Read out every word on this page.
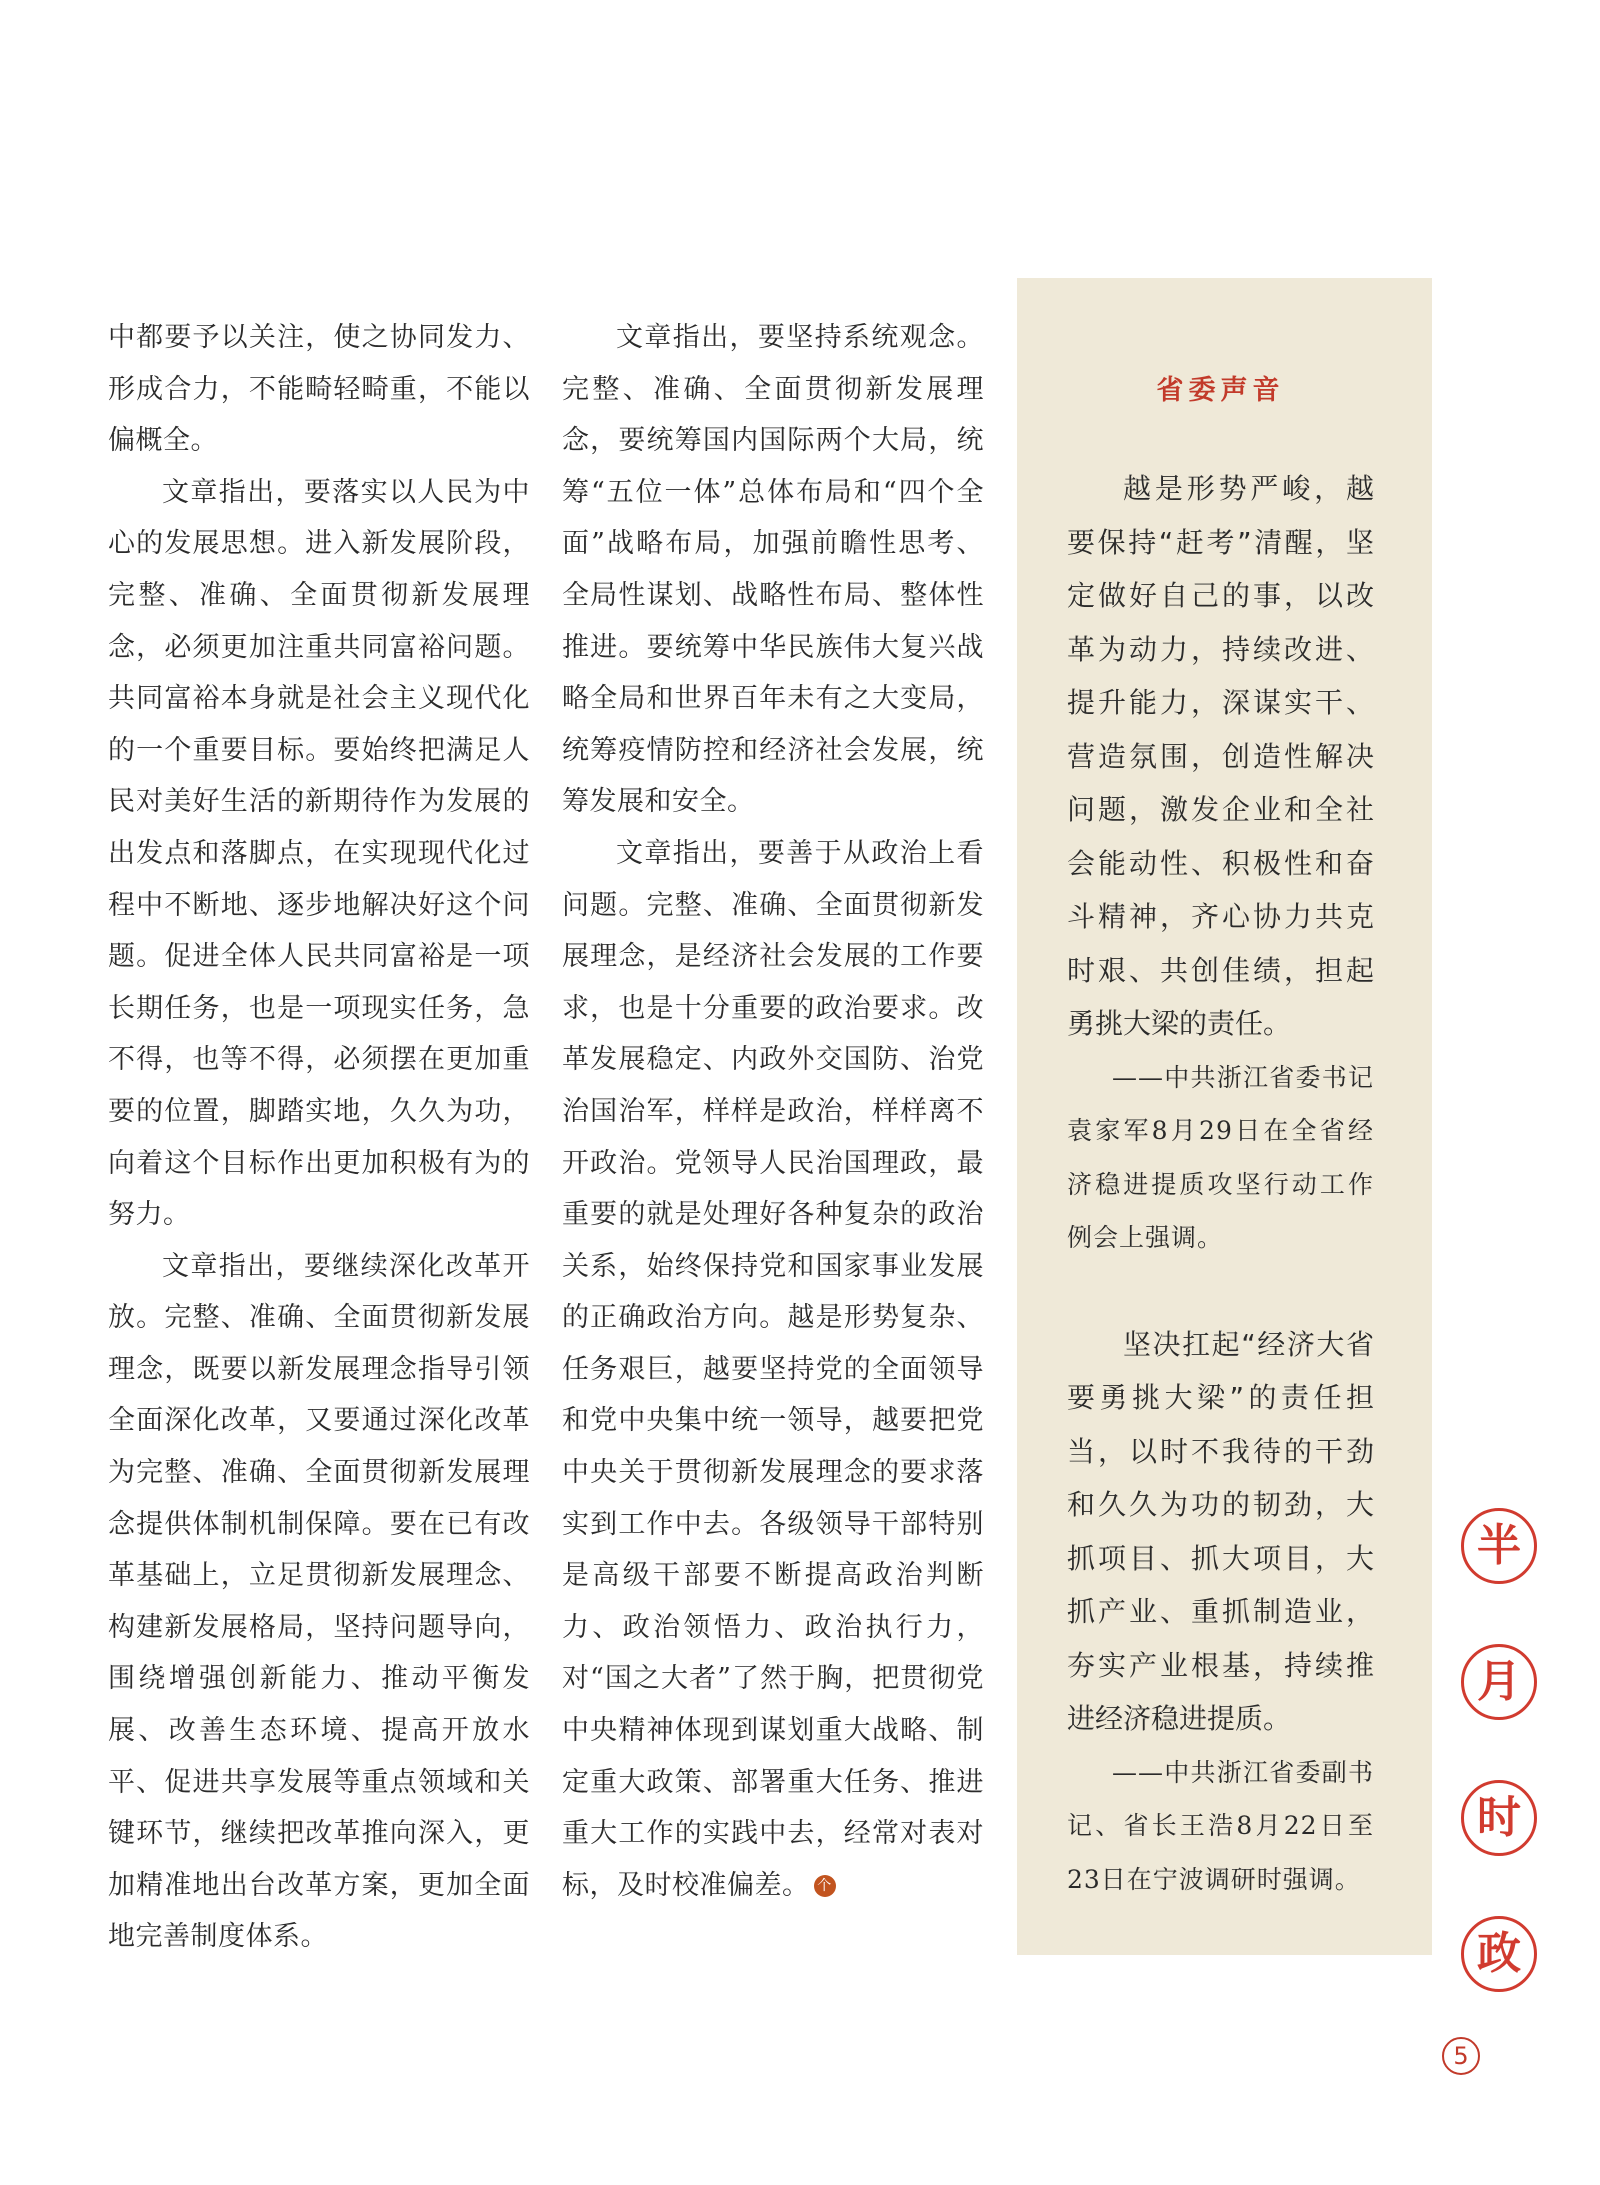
中都要予以关注，使之协同发力、形成合力，不能畸轻畸重，不能以偏概全。

文章指出，要落实以人民为中心的发展思想。进入新发展阶段，完整、准确、全面贯彻新发展理念，必须更加注重共同富裕问题。共同富裕本身就是社会主义现代化的一个重要目标。要始终把满足人民对美好生活的新期待作为发展的出发点和落脚点，在实现现代化过程中不断地、逐步地解决好这个问题。促进全体人民共同富裕是一项长期任务，也是一项现实任务，急不得，也等不得，必须摆在更加重要的位置，脚踏实地，久久为功，向着这个目标作出更加积极有为的努力。

文章指出，要继续深化改革开放。完整、准确、全面贯彻新发展理念，既要以新发展理念指导引领全面深化改革，又要通过深化改革为完整、准确、全面贯彻新发展理念提供体制机制保障。要在已有改革基础上，立足贯彻新发展理念、构建新发展格局，坚持问题导向，围绕增强创新能力、推动平衡发展、改善生态环境、提高开放水平、促进共享发展等重点领域和关键环节，继续把改革推向深入，更加精准地出台改革方案，更加全面地完善制度体系。

文章指出，要坚持系统观念。完整、准确、全面贯彻新发展理念，要统筹国内国际两个大局，统筹“五位一体”总体布局和“四个全面”战略布局，加强前瞻性思考、全局性谋划、战略性布局、整体性推进。要统筹中华民族伟大复兴战略全局和世界百年未有之大变局，统筹疫情防控和经济社会发展，统筹发展和安全。

文章指出，要善于从政治上看问题。完整、准确、全面贯彻新发展理念，是经济社会发展的工作要求，也是十分重要的政治要求。改革发展稳定、内政外交国防、治党治国治军，样样是政治，样样离不开政治。党领导人民治国理政，最重要的就是处理好各种复杂的政治关系，始终保持党和国家事业发展的正确政治方向。越是形势复杂、任务艰巨，越要坚持党的全面领导和党中央集中统一领导，越要把党中央关于贯彻新发展理念的要求落实到工作中去。各级领导干部特别是高级干部要不断提高政治判断力、政治领悟力、政治执行力，对“国之大者”了然于胸，把贯彻党中央精神体现到谋划重大战略、制定重大政策、部署重大任务、推进重大工作的实践中去，经常对表对标，及时校准偏差。 个

省委声音

越是形势严峻，越要保持“赶考”清醒，坚定做好自己的事，以改革为动力，持续改进、提升能力，深谋实干、营造氛围，创造性解决问题，激发企业和全社会能动性、积极性和奋斗精神，齐心协力共克时艰、共创佳绩，担起勇挑大梁的责任。

——中共浙江省委书记袁家军8月29日在全省经济稳进提质攻坚行动工作例会上强调。

坚决扛起“经济大省要勇挑大梁”的责任担当，以时不我待的干劲和久久为功的韧劲，大抓项目、抓大项目，大抓产业、重抓制造业，夯实产业根基，持续推进经济稳进提质。

——中共浙江省委副书记、省长王浩8月22日至23日在宁波调研时强调。

半
月
时
政
5
